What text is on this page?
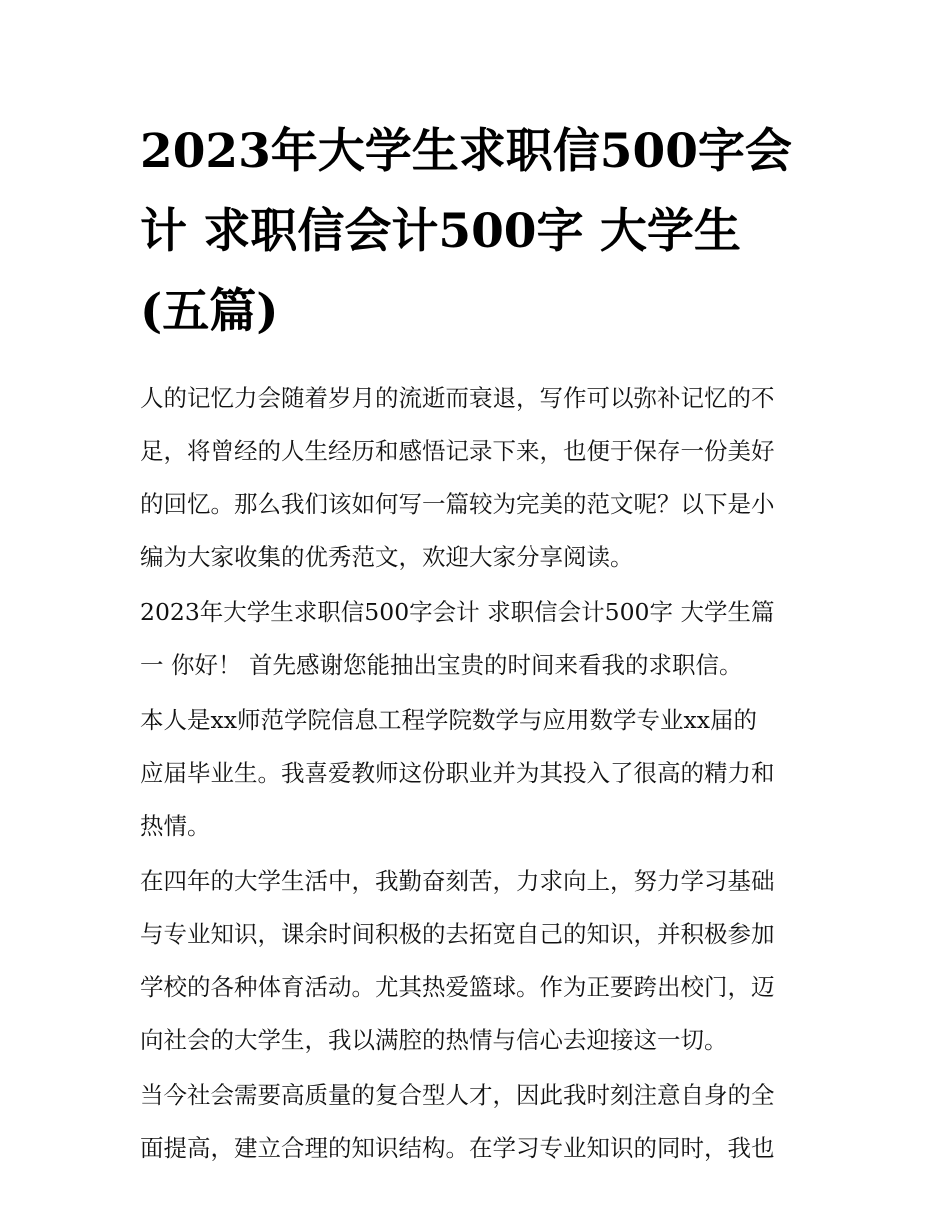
2023年大学生求职信500字会
计 求职信会计500字 大学生
(五篇)

人的记忆力会随着岁月的流逝而衰退，写作可以弥补记忆的不
足，将曾经的人生经历和感悟记录下来，也便于保存一份美好
的回忆。那么我们该如何写一篇较为完美的范文呢？以下是小
编为大家收集的优秀范文，欢迎大家分享阅读。

2023年大学生求职信500字会计 求职信会计500字 大学生篇
一 你好！ 首先感谢您能抽出宝贵的时间来看我的求职信。

本人是xx师范学院信息工程学院数学与应用数学专业xx届的
应届毕业生。我喜爱教师这份职业并为其投入了很高的精力和
热情。

在四年的大学生活中，我勤奋刻苦，力求向上，努力学习基础
与专业知识，课余时间积极的去拓宽自己的知识，并积极参加
学校的各种体育活动。尤其热爱篮球。作为正要跨出校门，迈
向社会的大学生，我以满腔的热情与信心去迎接这一切。

当今社会需要高质量的复合型人才，因此我时刻注意自身的全
面提高，建立合理的知识结构。在学习专业知识的同时，我也
